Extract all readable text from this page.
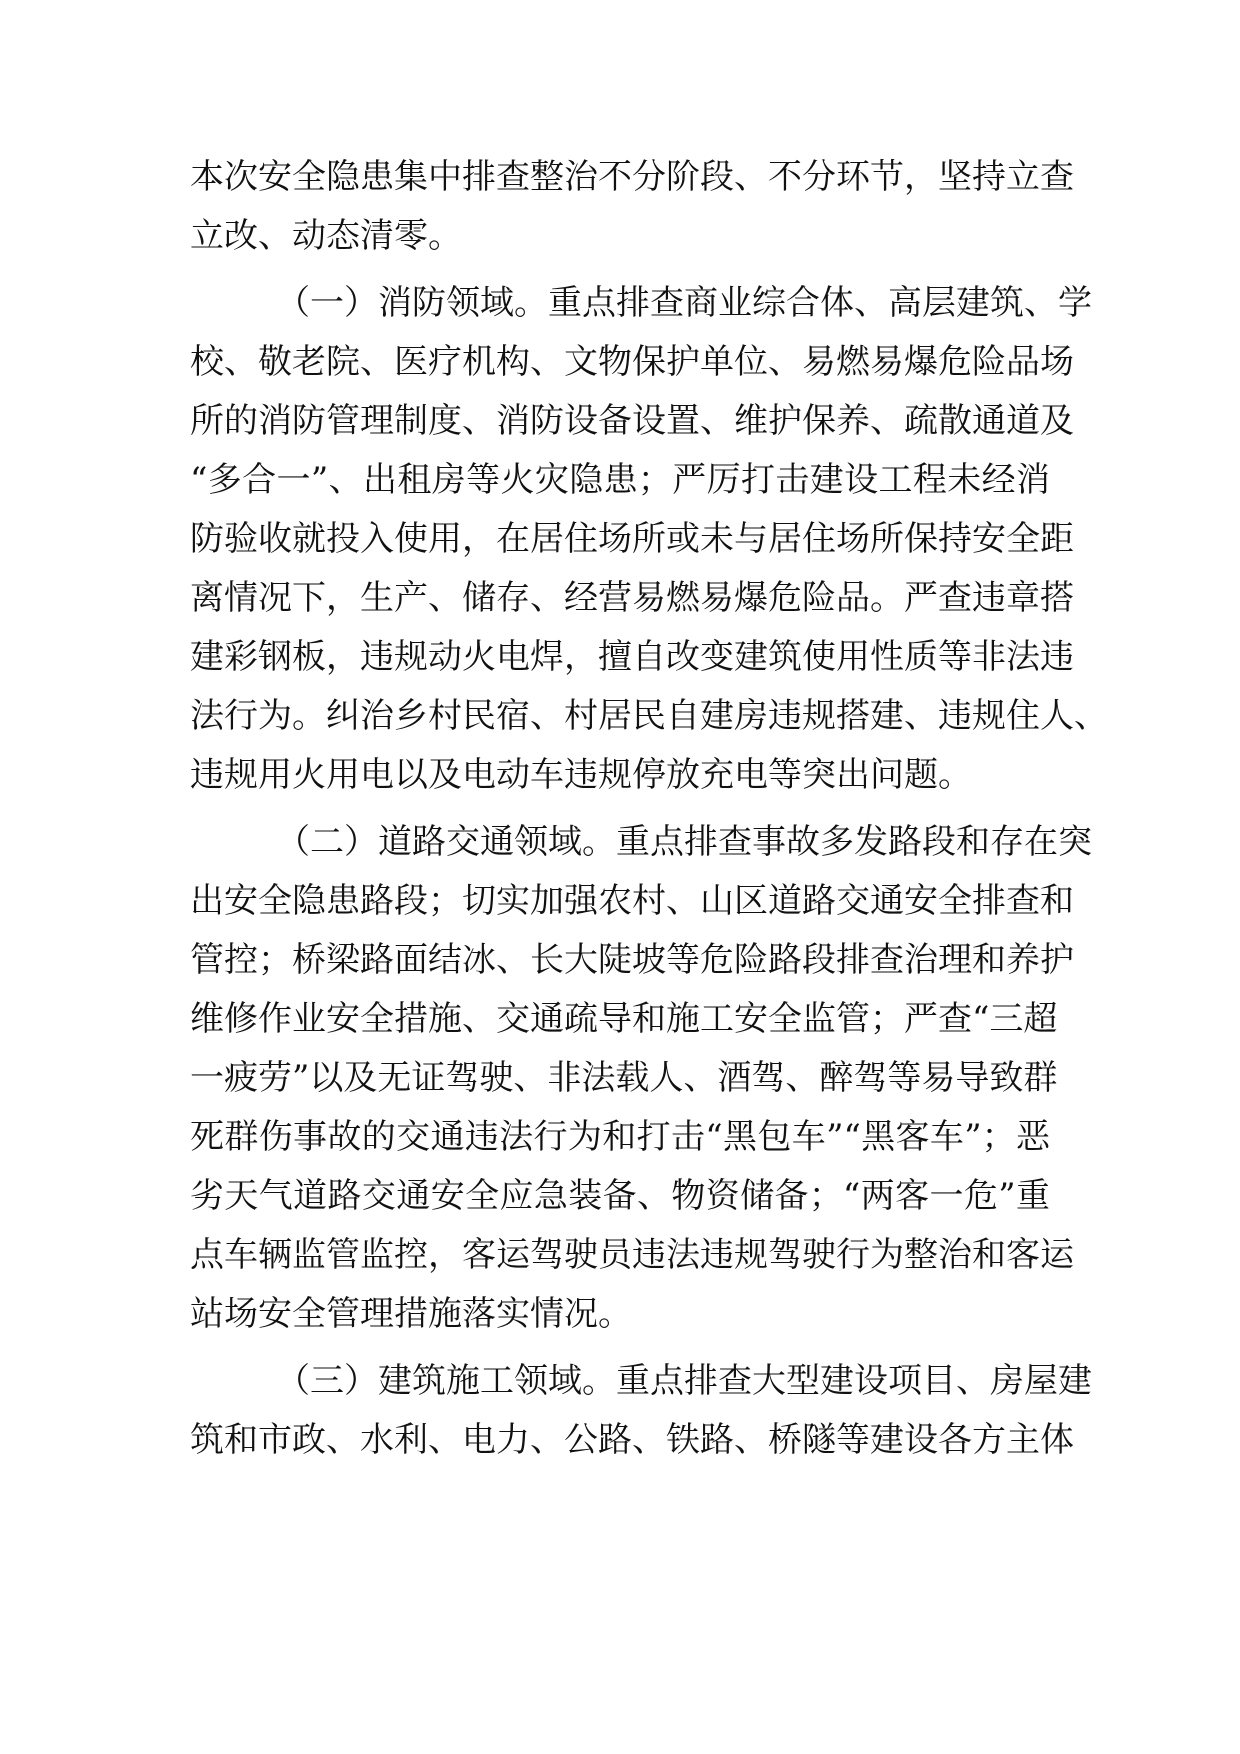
本次安全隐患集中排查整治不分阶段、不分环节，坚持立查
立改、动态清零。
（一）消防领域。重点排查商业综合体、高层建筑、学
校、敬老院、医疗机构、文物保护单位、易燃易爆危险品场
所的消防管理制度、消防设备设置、维护保养、疏散通道及
“多合一”、出租房等火灾隐患；严厉打击建设工程未经消
防验收就投入使用，在居住场所或未与居住场所保持安全距
离情况下，生产、储存、经营易燃易爆危险品。严查违章搭
建彩钢板，违规动火电焊，擅自改变建筑使用性质等非法违
法行为。纠治乡村民宿、村居民自建房违规搭建、违规住人、
违规用火用电以及电动车违规停放充电等突出问题。
（二）道路交通领域。重点排查事故多发路段和存在突
出安全隐患路段；切实加强农村、山区道路交通安全排查和
管控；桥梁路面结冰、长大陡坡等危险路段排查治理和养护
维修作业安全措施、交通疏导和施工安全监管；严查“三超
一疲劳”以及无证驾驶、非法载人、酒驾、醉驾等易导致群
死群伤事故的交通违法行为和打击“黑包车”“黑客车”；恶
劣天气道路交通安全应急装备、物资储备；“两客一危”重
点车辆监管监控，客运驾驶员违法违规驾驶行为整治和客运
站场安全管理措施落实情况。
（三）建筑施工领域。重点排查大型建设项目、房屋建
筑和市政、水利、电力、公路、铁路、桥隧等建设各方主体
